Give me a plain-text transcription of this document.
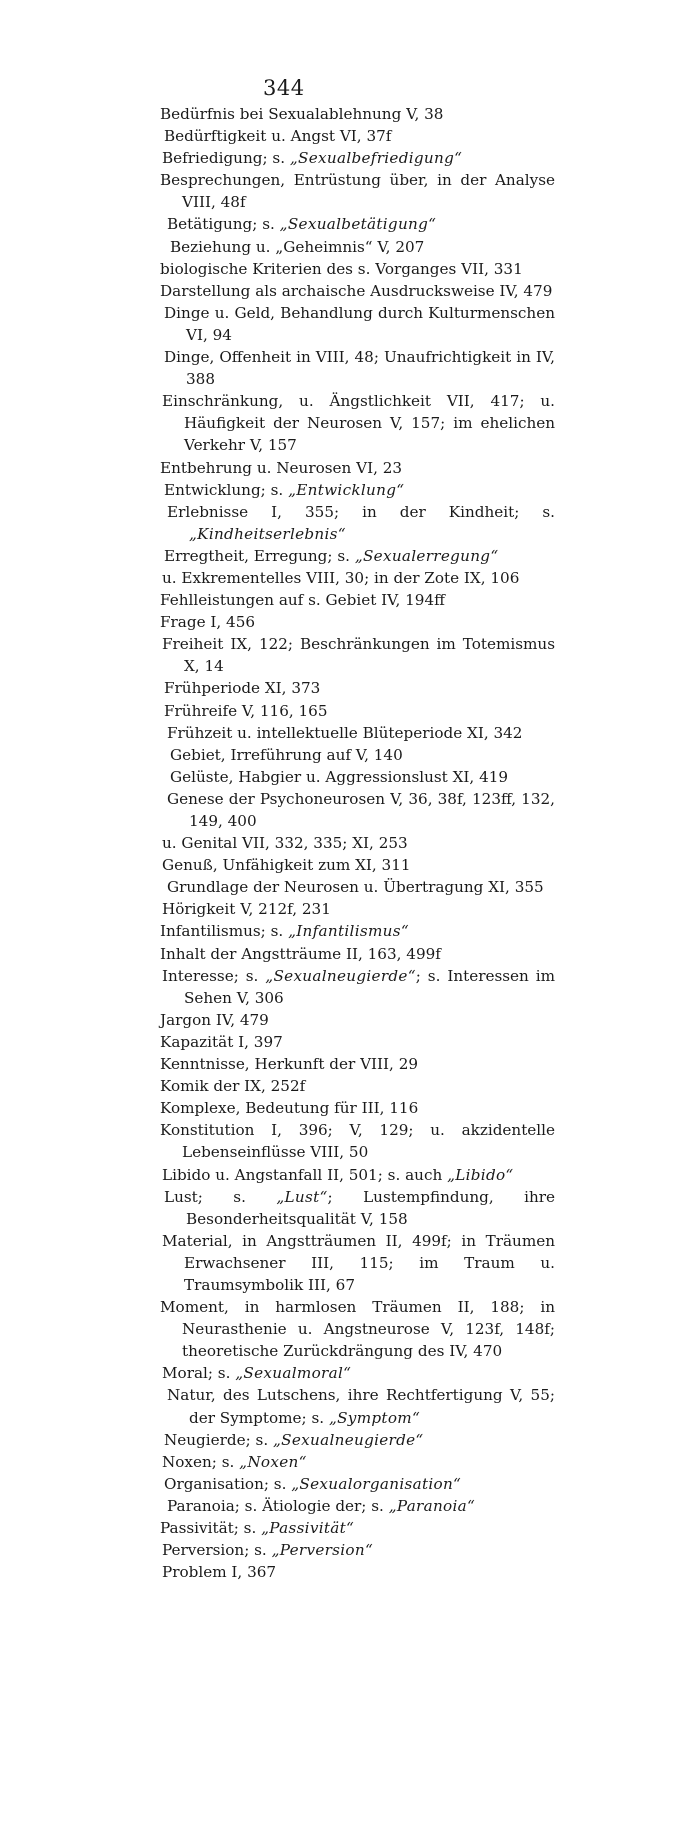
344
Bedürfnis bei Sexualablehnung V, 38
Bedürftigkeit u. Angst VI, 37f
Befriedigung; s. „Sexualbefriedigung“
Besprechungen, Entrüstung über, in der Analyse VIII, 48f
Betätigung; s. „Sexualbetätigung“
Beziehung u. „Geheimnis“ V, 207
biologische Kriterien des s. Vorganges VII, 331
Darstellung als archaische Ausdrucksweise IV, 479
Dinge u. Geld, Behandlung durch Kulturmenschen VI, 94
Dinge, Offenheit in VIII, 48; Unaufrichtigkeit in IV, 388
Einschränkung, u. Ängstlichkeit VII, 417; u. Häufigkeit der Neurosen V, 157; im ehelichen Verkehr V, 157
Entbehrung u. Neurosen VI, 23
Entwicklung; s. „Entwicklung“
Erlebnisse I, 355; in der Kindheit; s. „Kindheitserlebnis“
Erregtheit, Erregung; s. „Sexualerregung“
u. Exkrementelles VIII, 30; in der Zote IX, 106
Fehlleistungen auf s. Gebiet IV, 194ff
Frage I, 456
Freiheit IX, 122; Beschränkungen im Totemismus X, 14
Frühperiode XI, 373
Frühreife V, 116, 165
Frühzeit u. intellektuelle Blüteperiode XI, 342
Gebiet, Irreführung auf V, 140
Gelüste, Habgier u. Aggressionslust XI, 419
Genese der Psychoneurosen V, 36, 38f, 123ff, 132, 149, 400
u. Genital VII, 332, 335; XI, 253
Genuß, Unfähigkeit zum XI, 311
Grundlage der Neurosen u. Übertragung XI, 355
Hörigkeit V, 212f, 231
Infantilismus; s. „Infantilismus“
Inhalt der Angstträume II, 163, 499f
Interesse; s. „Sexualneugierde“; s. Interessen im Sehen V, 306
Jargon IV, 479
Kapazität I, 397
Kenntnisse, Herkunft der VIII, 29
Komik der IX, 252f
Komplexe, Bedeutung für III, 116
Konstitution I, 396; V, 129; u. akzidentelle Lebenseinflüsse VIII, 50
Libido u. Angstanfall II, 501; s. auch „Libido“
Lust; s. „Lust“; Lustempfindung, ihre Besonderheitsqualität V, 158
Material, in Angstträumen II, 499f; in Träumen Erwachsener III, 115; im Traum u. Traumsymbolik III, 67
Moment, in harmlosen Träumen II, 188; in Neurasthenie u. Angstneurose V, 123f, 148f; theoretische Zurückdrängung des IV, 470
Moral; s. „Sexualmoral“
Natur, des Lutschens, ihre Rechtfertigung V, 55; der Symptome; s. „Symptom“
Neugierde; s. „Sexualneugierde“
Noxen; s. „Noxen“
Organisation; s. „Sexualorganisation“
Paranoia; s. Ätiologie der; s. „Paranoia“
Passivität; s. „Passivität“
Perversion; s. „Perversion“
Problem I, 367
